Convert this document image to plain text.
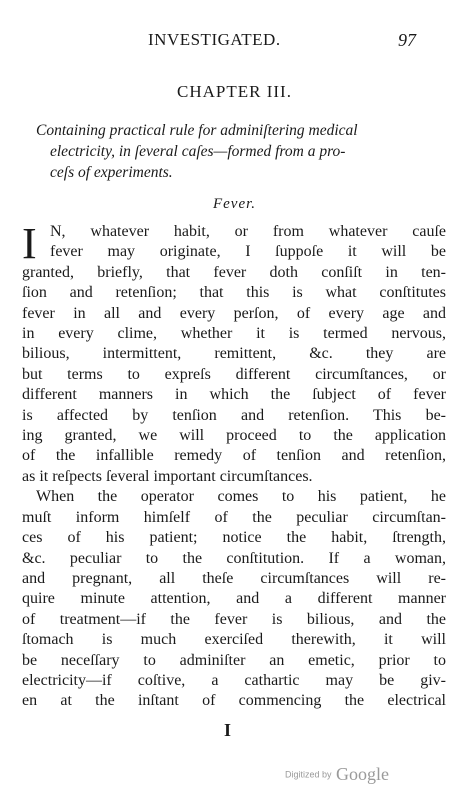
INVESTIGATED.	97
CHAPTER III.
Containing practical rule for adminiſtering medical
electricity, in ſeveral caſes—formed from a pro-
ceſs of experiments.
Fever.
I N, whatever habit, or from whatever cauſe
fever may originate, I ſuppoſe it will be
granted, briefly, that fever doth conſiſt in ten-
ſion and retenſion; that this is what conſtitutes
fever in all and every perſon, of every age and
in every clime, whether it is termed nervous,
bilious, intermittent, remittent, &c. they are
but terms to expreſs different circumſtances, or
different manners in which the ſubject of fever
is affected by tenſion and retenſion. This be-
ing granted, we will proceed to the application
of the infallible remedy of tenſion and retenſion,
as it reſpects ſeveral important circumſtances.
When the operator comes to his patient, he
muſt inform himſelf of the peculiar circumſtan-
ces of his patient; notice the habit, ſtrength,
&c. peculiar to the conſtitution. If a woman,
and pregnant, all theſe circumſtances will re-
quire minute attention, and a different manner
of treatment—if the fever is bilious, and the
ſtomach is much exerciſed therewith, it will
be neceſſary to adminiſter an emetic, prior to
electricity—if coſtive, a cathartic may be giv-
en at the inſtant of commencing the electrical
I
Digitized by Google
